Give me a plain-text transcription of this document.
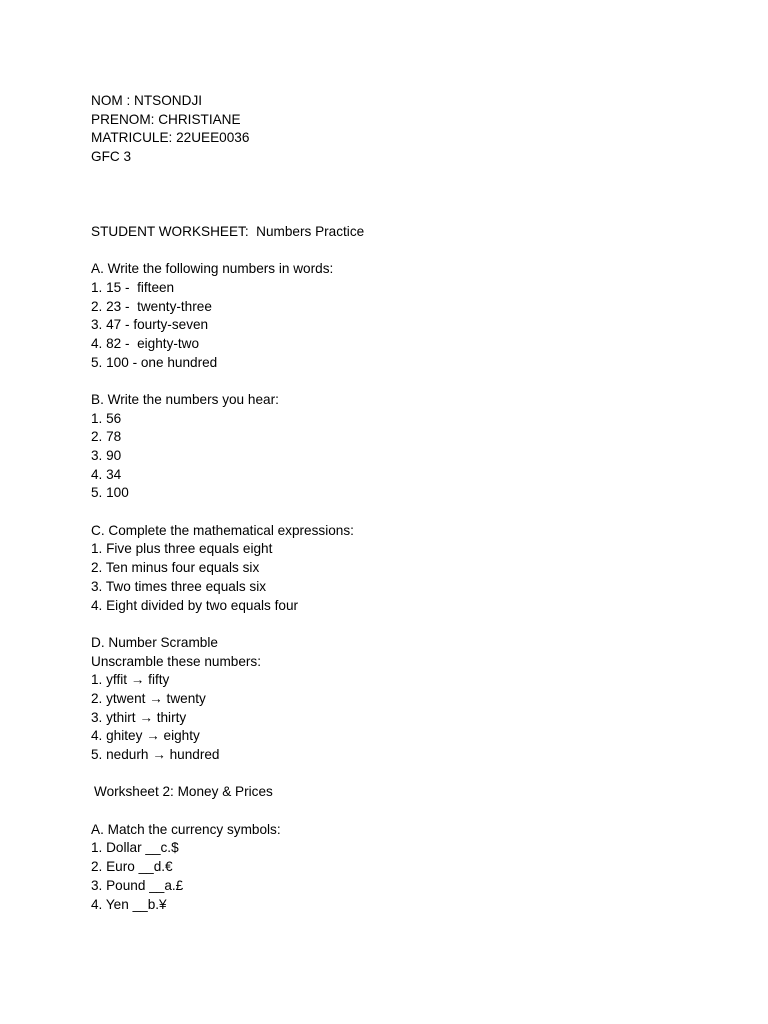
NOM : NTSONDJI
PRENOM: CHRISTIANE
MATRICULE: 22UEE0036
GFC 3
STUDENT WORKSHEET:  Numbers Practice
A. Write the following numbers in words:
1. 15 -  fifteen
2. 23 -  twenty-three
3. 47 - fourty-seven
4. 82 -  eighty-two
5. 100 - one hundred
B. Write the numbers you hear:
1. 56
2. 78
3. 90
4. 34
5. 100
C. Complete the mathematical expressions:
1. Five plus three equals eight
2. Ten minus four equals six
3. Two times three equals six
4. Eight divided by two equals four
D. Number Scramble
Unscramble these numbers:
1. yffit → fifty
2. ytwent → twenty
3. ythirt → thirty
4. ghitey → eighty
5. nedurh → hundred
Worksheet 2: Money & Prices
A. Match the currency symbols:
1. Dollar __c.$
2. Euro __d.€
3. Pound __a.£
4. Yen __b.¥
